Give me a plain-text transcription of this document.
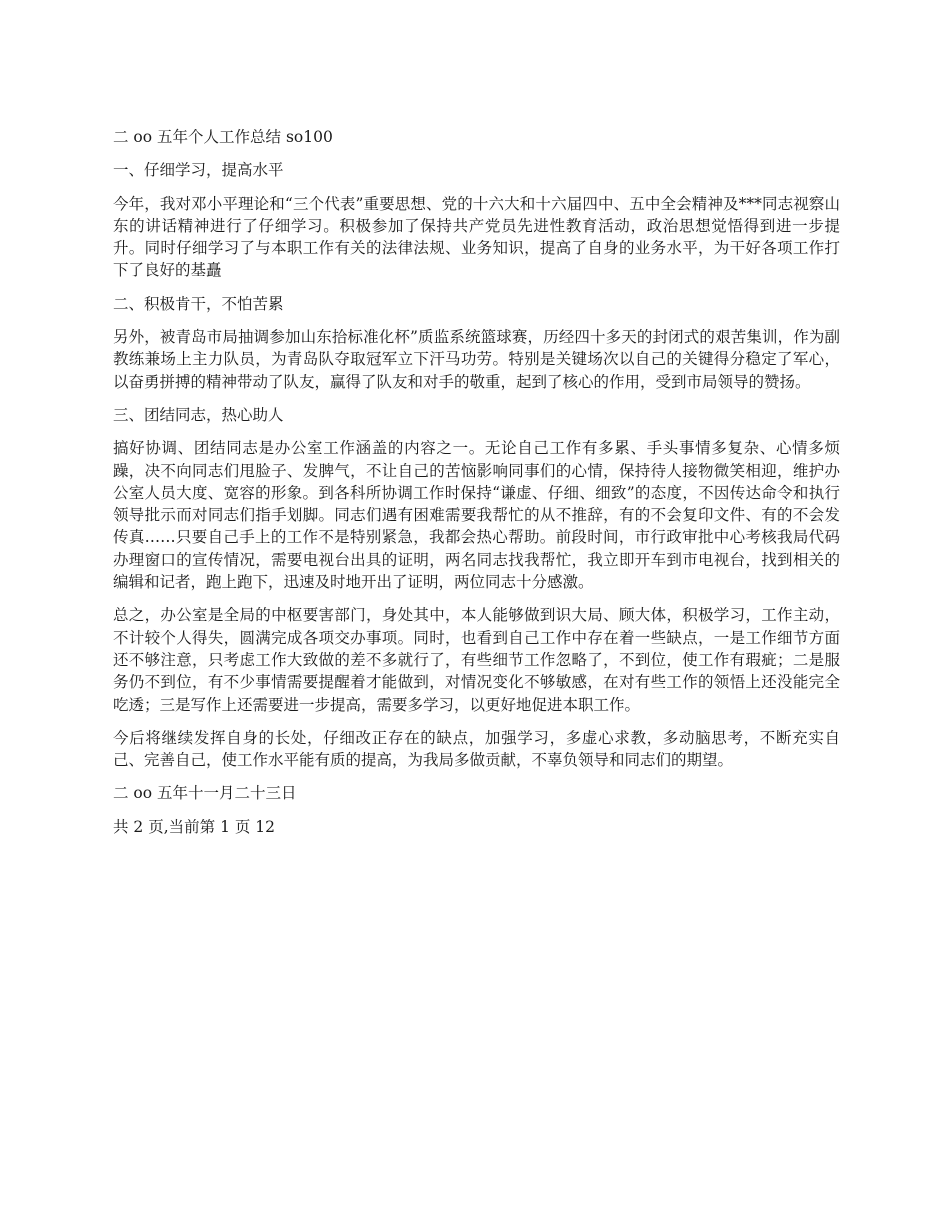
二 oo 五年个人工作总结 so100

一、仔细学习，提高水平

今年，我对邓小平理论和“三个代表”重要思想、党的十六大和十六届四中、五中全会精神及***同志视察山东的讲话精神进行了仔细学习。积极参加了保持共产党员先进性教育活动，政治思想觉悟得到进一步提升。同时仔细学习了与本职工作有关的法律法规、业务知识，提高了自身的业务水平，为干好各项工作打下了良好的基矗

二、积极肯干，不怕苦累

另外，被青岛市局抽调参加山东拾标准化杯”质监系统篮球赛，历经四十多天的封闭式的艰苦集训，作为副教练兼场上主力队员，为青岛队夺取冠军立下汗马功劳。特别是关键场次以自己的关键得分稳定了军心，以奋勇拼搏的精神带动了队友，赢得了队友和对手的敬重，起到了核心的作用，受到市局领导的赞扬。

三、团结同志，热心助人

搞好协调、团结同志是办公室工作涵盖的内容之一。无论自己工作有多累、手头事情多复杂、心情多烦躁，决不向同志们甩脸子、发脾气，不让自己的苦恼影响同事们的心情，保持待人接物微笑相迎，维护办公室人员大度、宽容的形象。到各科所协调工作时保持“谦虚、仔细、细致”的态度，不因传达命令和执行领导批示而对同志们指手划脚。同志们遇有困难需要我帮忙的从不推辞，有的不会复印文件、有的不会发传真……只要自己手上的工作不是特别紧急，我都会热心帮助。前段时间，市行政审批中心考核我局代码办理窗口的宣传情况，需要电视台出具的证明，两名同志找我帮忙，我立即开车到市电视台，找到相关的编辑和记者，跑上跑下，迅速及时地开出了证明，两位同志十分感激。

总之，办公室是全局的中枢要害部门，身处其中，本人能够做到识大局、顾大体，积极学习，工作主动，不计较个人得失，圆满完成各项交办事项。同时，也看到自己工作中存在着一些缺点，一是工作细节方面还不够注意，只考虑工作大致做的差不多就行了，有些细节工作忽略了，不到位，使工作有瑕疵；二是服务仍不到位，有不少事情需要提醒着才能做到，对情况变化不够敏感，在对有些工作的领悟上还没能完全吃透；三是写作上还需要进一步提高，需要多学习，以更好地促进本职工作。

今后将继续发挥自身的长处，仔细改正存在的缺点，加强学习，多虚心求教，多动脑思考，不断充实自己、完善自己，使工作水平能有质的提高，为我局多做贡献，不辜负领导和同志们的期望。

二 oo 五年十一月二十三日

共 2 页,当前第 1 页 12
